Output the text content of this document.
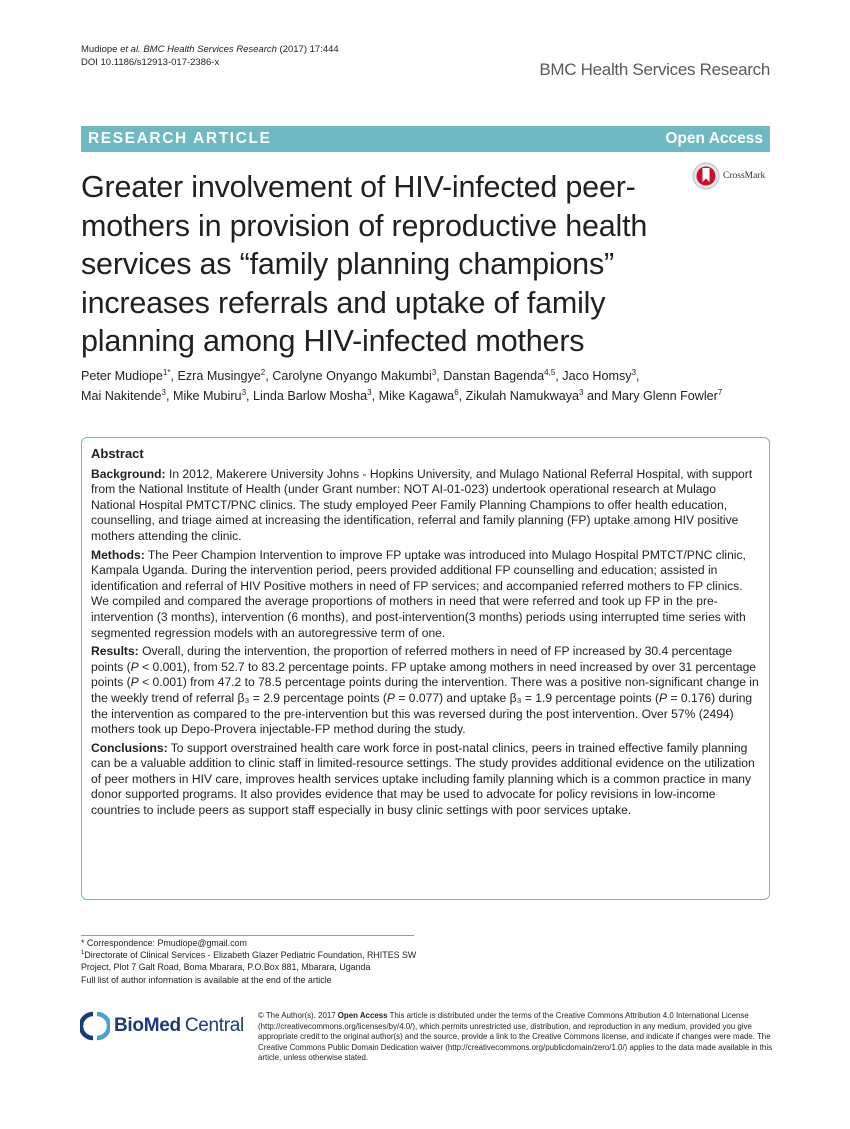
Mudiope et al. BMC Health Services Research (2017) 17:444
DOI 10.1186/s12913-017-2386-x	BMC Health Services Research
RESEARCH ARTICLE	Open Access
CrossMark
Greater involvement of HIV-infected peer-mothers in provision of reproductive health services as “family planning champions” increases referrals and uptake of family planning among HIV-infected mothers
Peter Mudiope$^{1*}$, Ezra Musingye$^2$, Carolyne Onyango Makumbi$^3$, Danstan Bagenda$^{4,5}$, Jaco Homsy$^3$,
Mai Nakitende$^3$, Mike Mubiru$^3$, Linda Barlow Mosha$^3$, Mike Kagawa$^6$, Zikulah Namukwaya$^3$ and Mary Glenn Fowler$^7$
Abstract

Background: In 2012, Makerere University Johns - Hopkins University, and Mulago National Referral Hospital, with support from the National Institute of Health (under Grant number: NOT AI-01-023) undertook operational research at Mulago National Hospital PMTCT/PNC clinics. The study employed Peer Family Planning Champions to offer health education, counselling, and triage aimed at increasing the identification, referral and family planning (FP) uptake among HIV positive mothers attending the clinic.

Methods: The Peer Champion Intervention to improve FP uptake was introduced into Mulago Hospital PMTCT/PNC clinic, Kampala Uganda. During the intervention period, peers provided additional FP counselling and education; assisted in identification and referral of HIV Positive mothers in need of FP services; and accompanied referred mothers to FP clinics. We compiled and compared the average proportions of mothers in need that were referred and took up FP in the pre-intervention (3 months), intervention (6 months), and post-intervention(3 months) periods using interrupted time series with segmented regression models with an autoregressive term of one.

Results: Overall, during the intervention, the proportion of referred mothers in need of FP increased by 30.4 percentage points (P < 0.001), from 52.7 to 83.2 percentage points. FP uptake among mothers in need increased by over 31 percentage points (P < 0.001) from 47.2 to 78.5 percentage points during the intervention. There was a positive non-significant change in the weekly trend of referral β₃ = 2.9 percentage points (P = 0.077) and uptake β₃ = 1.9 percentage points (P = 0.176) during the intervention as compared to the pre-intervention but this was reversed during the post intervention. Over 57% (2494) mothers took up Depo-Provera injectable-FP method during the study.

Conclusions: To support overstrained health care work force in post-natal clinics, peers in trained effective family planning can be a valuable addition to clinic staff in limited-resource settings. The study provides additional evidence on the utilization of peer mothers in HIV care, improves health services uptake including family planning which is a common practice in many donor supported programs. It also provides evidence that may be used to advocate for policy revisions in low-income countries to include peers as support staff especially in busy clinic settings with poor services uptake.

* Correspondence: Pmudiope@gmail.com
$^1$Directorate of Clinical Services - Elizabeth Glazer Pediatric Foundation, RHITES SW Project, Plot 7 Galt Road, Boma Mbarara, P.O.Box 881, Mbarara, Uganda
Full list of author information is available at the end of the article
BioMed Central © The Author(s). 2017 Open Access This article is distributed under the terms of the Creative Commons Attribution 4.0 International License (http://creativecommons.org/licenses/by/4.0/), which permits unrestricted use, distribution, and reproduction in any medium, provided you give appropriate credit to the original author(s) and the source, provide a link to the Creative Commons license, and indicate if changes were made. The Creative Commons Public Domain Dedication waiver (http://creativecommons.org/publicdomain/zero/1.0/) applies to the data made available in this article, unless otherwise stated.
